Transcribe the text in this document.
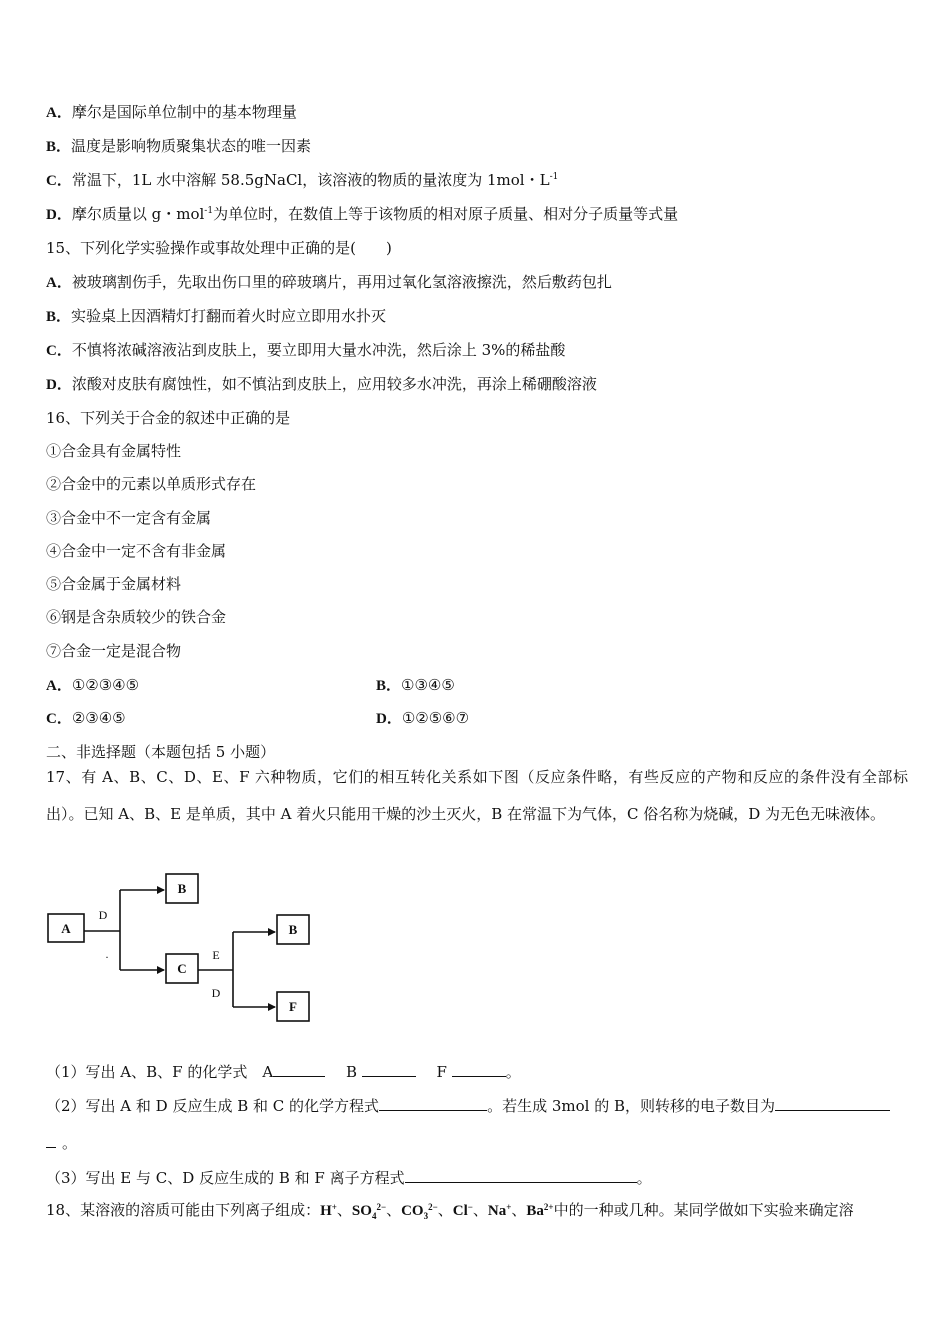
A．摩尔是国际单位制中的基本物理量
B．温度是影响物质聚集状态的唯一因素
C．常温下，1L 水中溶解 58.5gNaCl，该溶液的物质的量浓度为 1mol・$L^{-1}$
D．摩尔质量以 g・mol$^{-1}$为单位时，在数值上等于该物质的相对原子质量、相对分子质量等式量
15、下列化学实验操作或事故处理中正确的是(　　)
A．被玻璃割伤手，先取出伤口里的碎玻璃片，再用过氧化氢溶液擦洗，然后敷药包扎
B．实验桌上因酒精灯打翻而着火时应立即用水扑灭
C．不慎将浓碱溶液沾到皮肤上，要立即用大量水冲洗，然后涂上 3%的稀盐酸
D．浓酸对皮肤有腐蚀性，如不慎沾到皮肤上，应用较多水冲洗，再涂上稀硼酸溶液
16、下列关于合金的叙述中正确的是
①合金具有金属特性
②合金中的元素以单质形式存在
③合金中不一定含有金属
④合金中一定不含有非金属
⑤合金属于金属材料
⑥钢是含杂质较少的铁合金
⑦合金一定是混合物
A．①②③④⑤	B．①③④⑤
C．②③④⑤	D．①②⑤⑥⑦
二、非选择题（本题包括 5 小题）
17、有 A、B、C、D、E、F 六种物质，它们的相互转化关系如下图（反应条件略，有些反应的产物和反应的条件没有全部标出）。已知 A、B、E 是单质，其中 A 着火只能用干燥的沙土灭火，B 在常温下为气体，C 俗名称为烧碱，D 为无色无味液体。
A
B
C
B
F
D
E
D
.
（1）写出 A、B、F 的化学式　A	B	F	。
（2）写出 A 和 D 反应生成 B 和 C 的化学方程式	。若生成 3mol 的 B，则转移的电子数目为
。
（3）写出 E 与 C、D 反应生成的 B 和 F 离子方程式	。
18、某溶液的溶质可能由下列离子组成：H+、$SO_4^{2-}$、$CO_3^{2-}$、Cl−、Na+、$Ba^{2+}$中的一种或几种。某同学做如下实验来确定溶
